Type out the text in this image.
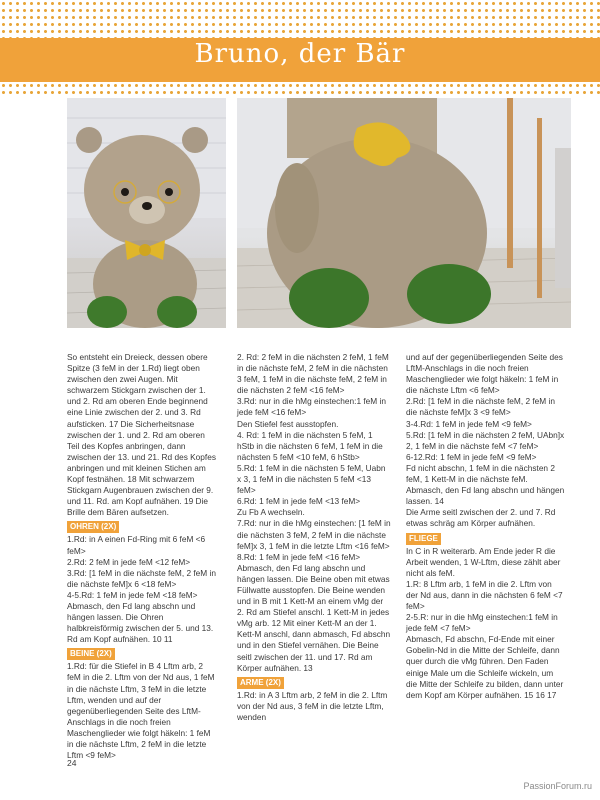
Bruno, der Bär

So entsteht ein Dreieck, dessen obere Spitze (3 feM in der 1.Rd) liegt oben zwischen den zwei Augen. Mit schwarzem Stickgarn zwischen der 1. und 2. Rd am oberen Ende beginnend eine Linie zwischen der 2. und 3. Rd aufsticken. 17 Die Sicherheitsnase zwischen der 1. und 2. Rd am oberen Teil des Kopfes anbringen, dann zwischen der 13. und 21. Rd des Kopfes anbringen und mit kleinen Stichen am Kopf festnähen. 18 Mit schwarzem Stickgarn Augenbrauen zwischen der 9. und 11. Rd. am Kopf aufnähen. 19 Die Brille dem Bären aufsetzen.

OHREN (2X)

1.Rd: in A einen Fd-Ring mit 6 feM <6 feM>

2.Rd: 2 feM in jede feM <12 feM>

3.Rd: [1 feM in die nächste feM, 2 feM in die nächste feM]x 6 <18 feM>

4-5.Rd: 1 feM in jede feM <18 feM>

Abmasch, den Fd lang abschn und hängen lassen. Die Ohren halbkreisförmig zwischen der 5. und 13. Rd am Kopf aufnähen. 10 11

BEINE (2X)

1.Rd: für die Stiefel in B 4 Lftm arb, 2 feM in die 2. Lftm von der Nd aus, 1 feM in die nächste Lftm, 3 feM in die letzte Lftm, wenden und auf der gegenüberliegenden Seite des LftM-Anschlags in die noch freien Maschenglieder wie folgt häkeln: 1 feM in die nächste Lftm, 2 feM in die letzte Lftm <9 feM>

2. Rd: 2 feM in die nächsten 2 feM, 1 feM in die nächste feM, 2 feM in die nächsten 3 feM, 1 feM in die nächste feM, 2 feM in die nächsten 2 feM <16 feM>

3.Rd: nur in die hMg einstechen:1 feM in jede feM <16 feM>

Den Stiefel fest ausstopfen.

4. Rd: 1 feM in die nächsten 5 feM, 1 hStb in die nächsten 6 feM, 1 feM in die nächsten 5 feM <10 feM, 6 hStb>

5.Rd: 1 feM in die nächsten 5 feM, Uabn x 3, 1 feM in die nächsten 5 feM <13 feM>

6.Rd: 1 feM in jede feM <13 feM>

Zu Fb A wechseln.

7.Rd: nur in die hMg einstechen: [1 feM in die nächsten 3 feM, 2 feM in die nächste feM]x 3, 1 feM in die letzte Lftm <16 feM>

8.Rd: 1 feM in jede feM <16 feM>

Abmasch, den Fd lang abschn und hängen lassen. Die Beine oben mit etwas Füllwatte ausstopfen. Die Beine wenden und in B mit 1 Kett-M an einem vMg der 2. Rd am Stiefel anschl. 1 Kett-M in jedes vMg arb. 12 Mit einer Kett-M an der 1. Kett-M anschl, dann abmasch, Fd abschn und in den Stiefel vernähen. Die Beine seitl zwischen der 11. und 17. Rd am Körper aufnähen. 13

ARME (2X)

1.Rd: in A 3 Lftm arb, 2 feM in die 2. Lftm von der Nd aus, 3 feM in die letzte Lftm, wenden

und auf der gegenüberliegenden Seite des LftM-Anschlags in die noch freien Maschenglieder wie folgt häkeln: 1 feM in die nächste Lftm <6 feM>

2.Rd: [1 feM in die nächste feM, 2 feM in die nächste feM]x 3 <9 feM>

3-4.Rd: 1 feM in jede feM <9 feM>

5.Rd: [1 feM in die nächsten 2 feM, UAbn]x 2, 1 feM in die nächste feM <7 feM>

6-12.Rd: 1 feM in jede feM <9 feM>

Fd nicht abschn, 1 feM in die nächsten 2 feM, 1 Kett-M in die nächste feM.

Abmasch, den Fd lang abschn und hängen lassen. 14

Die Arme seitl zwischen der 2. und 7. Rd etwas schräg am Körper aufnähen.

FLIEGE

In C in R weiterarb. Am Ende jeder R die Arbeit wenden, 1 W-Lftm, diese zählt aber nicht als feM.

1.R: 8 Lftm arb, 1 feM in die 2. Lftm von der Nd aus, dann in die nächsten 6 feM <7 feM>

2-5.R: nur in die hMg einstechen:1 feM in jede feM <7 feM>

Abmasch, Fd abschn, Fd-Ende mit einer Gobelin-Nd in die Mitte der Schleife, dann quer durch die vMg führen. Den Faden einige Male um die Schleife wickeln, um die Mitte der Schleife zu bilden, dann unter dem Kopf am Körper aufnähen. 15 16 17

24
PassionForum.ru
